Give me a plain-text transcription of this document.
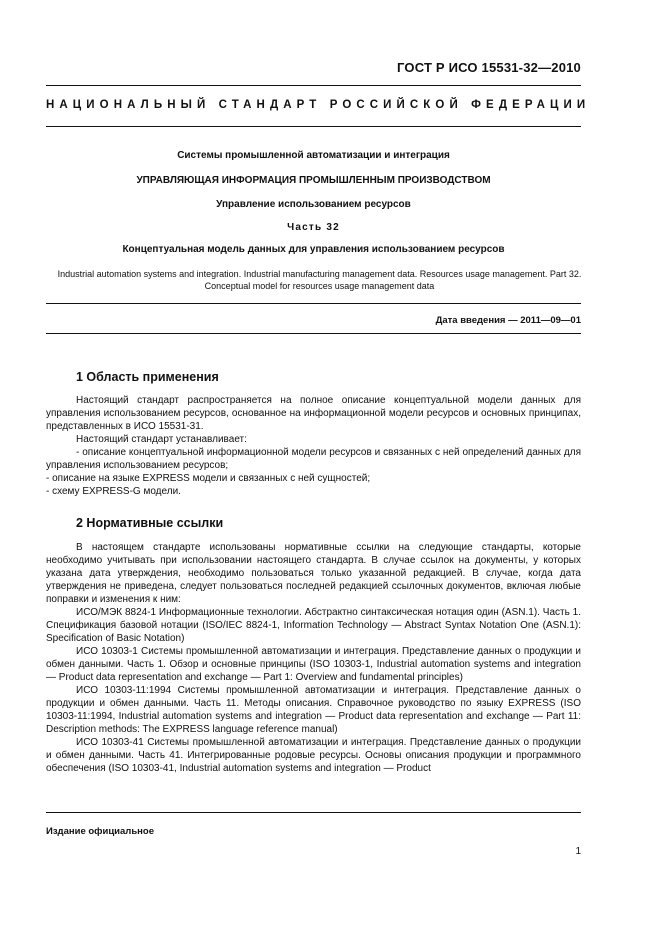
ГОСТ Р ИСО 15531-32—2010
НАЦИОНАЛЬНЫЙ СТАНДАРТ РОССИЙСКОЙ ФЕДЕРАЦИИ
Системы промышленной автоматизации и интеграция
УПРАВЛЯЮЩАЯ ИНФОРМАЦИЯ ПРОМЫШЛЕННЫМ ПРОИЗВОДСТВОМ
Управление использованием ресурсов
Часть 32
Концептуальная модель данных для управления использованием ресурсов
Industrial automation systems and integration. Industrial manufacturing management data. Resources usage management. Part 32. Conceptual model for resources usage management data
Дата введения — 2011—09—01
1 Область применения

Настоящий стандарт распространяется на полное описание концептуальной модели данных для управления использованием ресурсов, основанное на информационной модели ресурсов и основных принципах, представленных в ИСО 15531-31.

Настоящий стандарт устанавливает:

- описание концептуальной информационной модели ресурсов и связанных с ней определений данных для управления использованием ресурсов;

- описание на языке EXPRESS модели и связанных с ней сущностей;

- схему EXPRESS-G модели.

2 Нормативные ссылки

В настоящем стандарте использованы нормативные ссылки на следующие стандарты, которые необходимо учитывать при использовании настоящего стандарта. В случае ссылок на документы, у которых указана дата утверждения, необходимо пользоваться только указанной редакцией. В случае, когда дата утверждения не приведена, следует пользоваться последней редакцией ссылочных документов, включая любые поправки и изменения к ним:

ИСО/МЭК 8824-1 Информационные технологии. Абстрактно синтаксическая нотация один (ASN.1). Часть 1. Спецификация базовой нотации (ISO/IEC 8824-1, Information Technology — Abstract Syntax Notation One (ASN.1): Specification of Basic Notation)

ИСО 10303-1 Системы промышленной автоматизации и интеграция. Представление данных о продукции и обмен данными. Часть 1. Обзор и основные принципы (ISO 10303-1, Industrial automation systems and integration — Product data representation and exchange — Part 1: Overview and fundamental principles)

ИСО 10303-11:1994 Системы промышленной автоматизации и интеграция. Представление данных о продукции и обмен данными. Часть 11. Методы описания. Справочное руководство по языку EXPRESS (ISO 10303-11:1994, Industrial automation systems and integration — Product data representation and exchange — Part 11: Description methods: The EXPRESS language reference manual)

ИСО 10303-41 Системы промышленной автоматизации и интеграция. Представление данных о продукции и обмен данными. Часть 41. Интегрированные родовые ресурсы. Основы описания продукции и программного обеспечения (ISO 10303-41, Industrial automation systems and integration — Product

Издание официальное
1
